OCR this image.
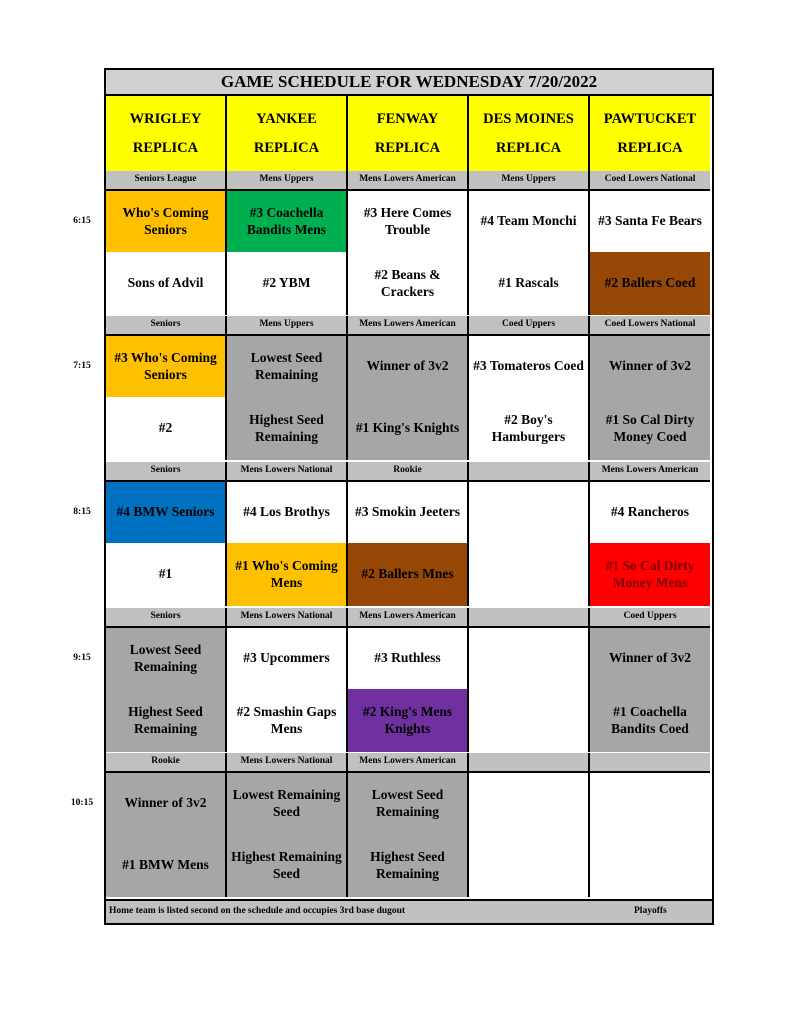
GAME SCHEDULE FOR WEDNESDAY 7/20/2022
WRIGLEY
REPLICA
YANKEE
REPLICA
FENWAY
REPLICA
DES MOINES
REPLICA
PAWTUCKET
REPLICA
Seniors League
Who's Coming Seniors
Sons of Advil
Mens Uppers
#3 Coachella Bandits Mens
#2 YBM
Mens Lowers American
#3 Here Comes Trouble
#2 Beans & Crackers
Mens Uppers
#4 Team Monchi
#1 Rascals
Coed Lowers National
#3 Santa Fe Bears
#2 Ballers Coed
Seniors
#3 Who's Coming Seniors
#2
Mens Uppers
Lowest Seed Remaining
Highest Seed Remaining
Mens Lowers American
Winner of 3v2
#1 King's Knights
Coed Uppers
#3 Tomateros Coed
#2 Boy's Hamburgers
Coed Lowers National
Winner of 3v2
#1 So Cal Dirty Money Coed
Seniors
#4 BMW Seniors
#1
Mens Lowers National
#4 Los Brothys
#1 Who's Coming Mens
Rookie
#3 Smokin Jeeters
#2 Ballers Mnes
Mens Lowers American
#4 Rancheros
#1 So Cal Dirty Money Mens
Seniors
Lowest Seed Remaining
Highest Seed Remaining
Mens Lowers National
#3 Upcommers
#2 Smashin Gaps Mens
Mens Lowers American
#3 Ruthless
#2 King's Mens Knights
Coed Uppers
Winner of 3v2
#1 Coachella Bandits Coed
Rookie
Winner of 3v2
#1 BMW Mens
Mens Lowers National
Lowest Remaining Seed
Highest Remaining Seed
Mens Lowers American
Lowest Seed Remaining
Highest Seed Remaining
Home team is listed second on the schedule and occupies 3rd base dugout	Playoffs
6:15
7:15
8:15
9:15
10:15
